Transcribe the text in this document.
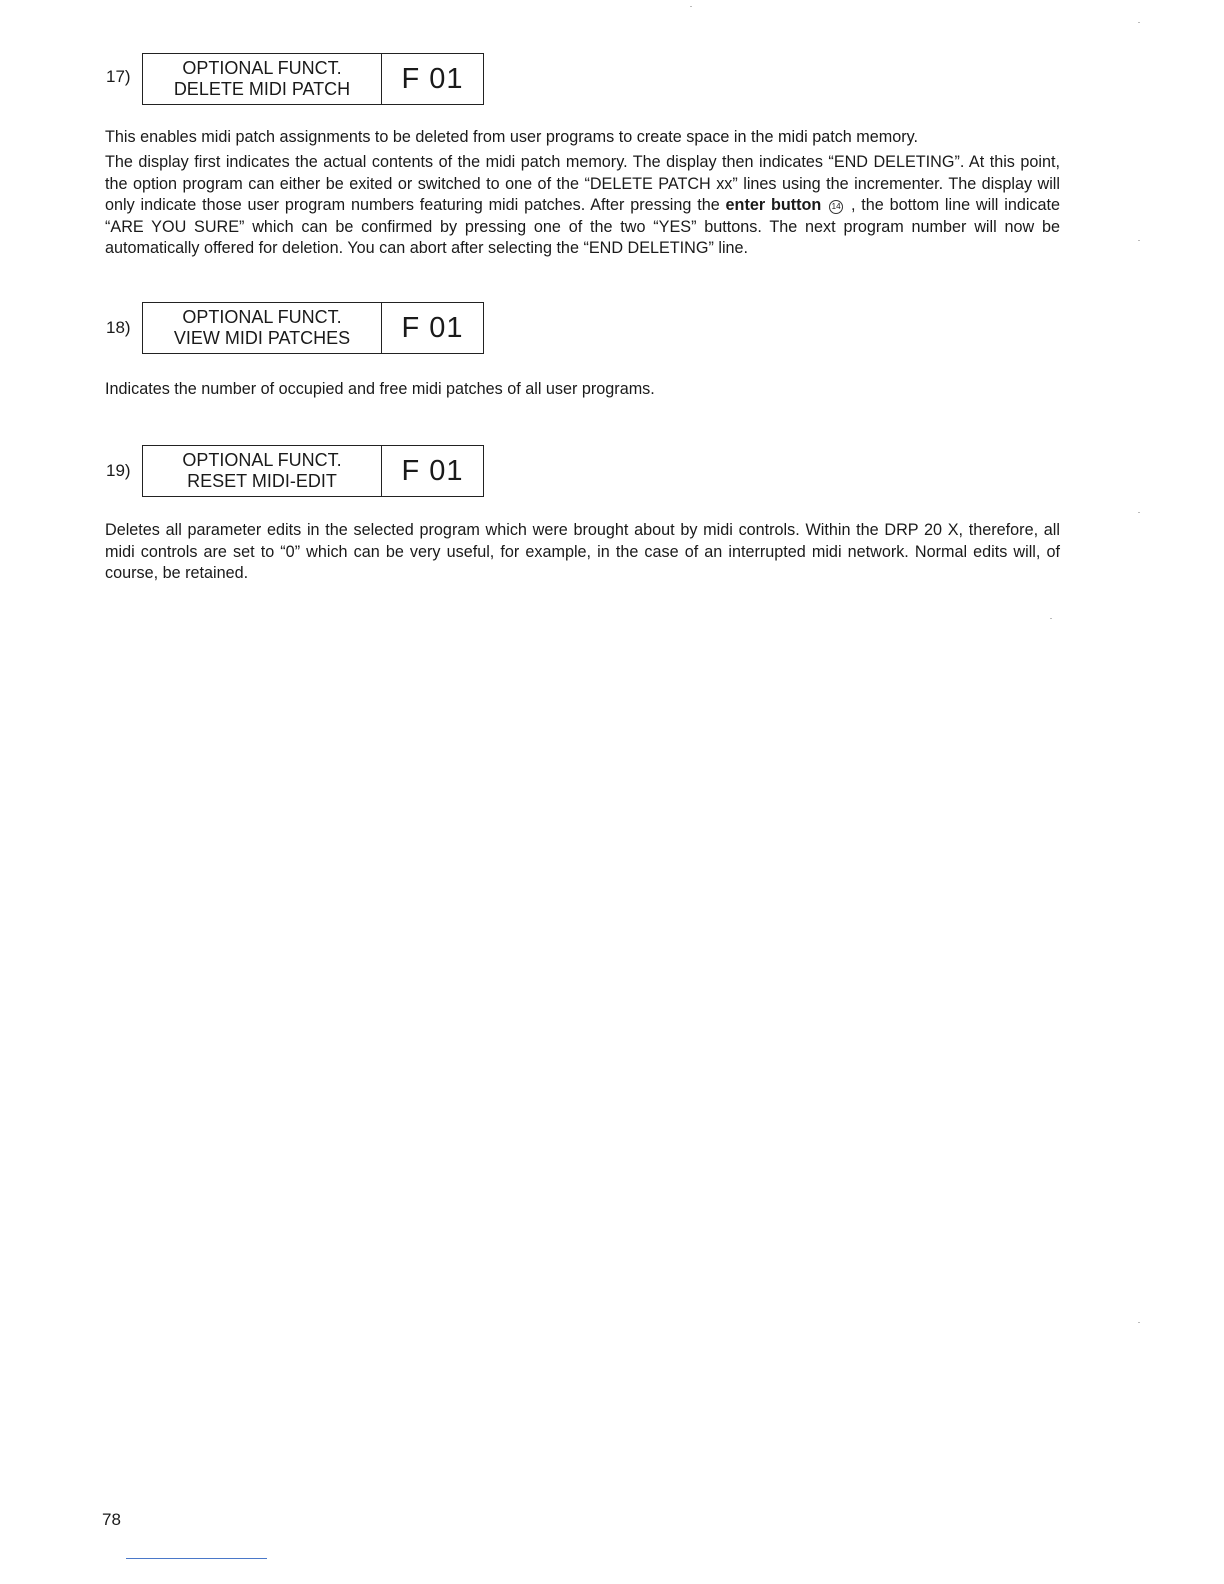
17)	OPTIONAL FUNCT.
DELETE MIDI PATCH	F 01

This enables midi patch assignments to be deleted from user programs to create space in the midi patch memory.

The display first indicates the actual contents of the midi patch memory. The display then indicates “END DELETING”. At this point, the option program can either be exited or switched to one of the “DELETE PATCH xx” lines using the incrementer. The display will only indicate those user program numbers featuring midi patches. After pressing the enter button 14 , the bottom line will indicate “ARE YOU SURE” which can be confirmed by pressing one of the two “YES” buttons. The next program number will now be automatically offered for deletion. You can abort after selecting the “END DELETING” line.

18)
OPTIONAL FUNCT.
VIEW MIDI PATCHES	F 01

Indicates the number of occupied and free midi patches of all user programs.

19)
OPTIONAL FUNCT.
RESET MIDI-EDIT	F 01

Deletes all parameter edits in the selected program which were brought about by midi controls. Within the DRP 20 X, therefore, all midi controls are set to “0” which can be very useful, for example, in the case of an interrupted midi network. Normal edits will, of course, be retained.

78
